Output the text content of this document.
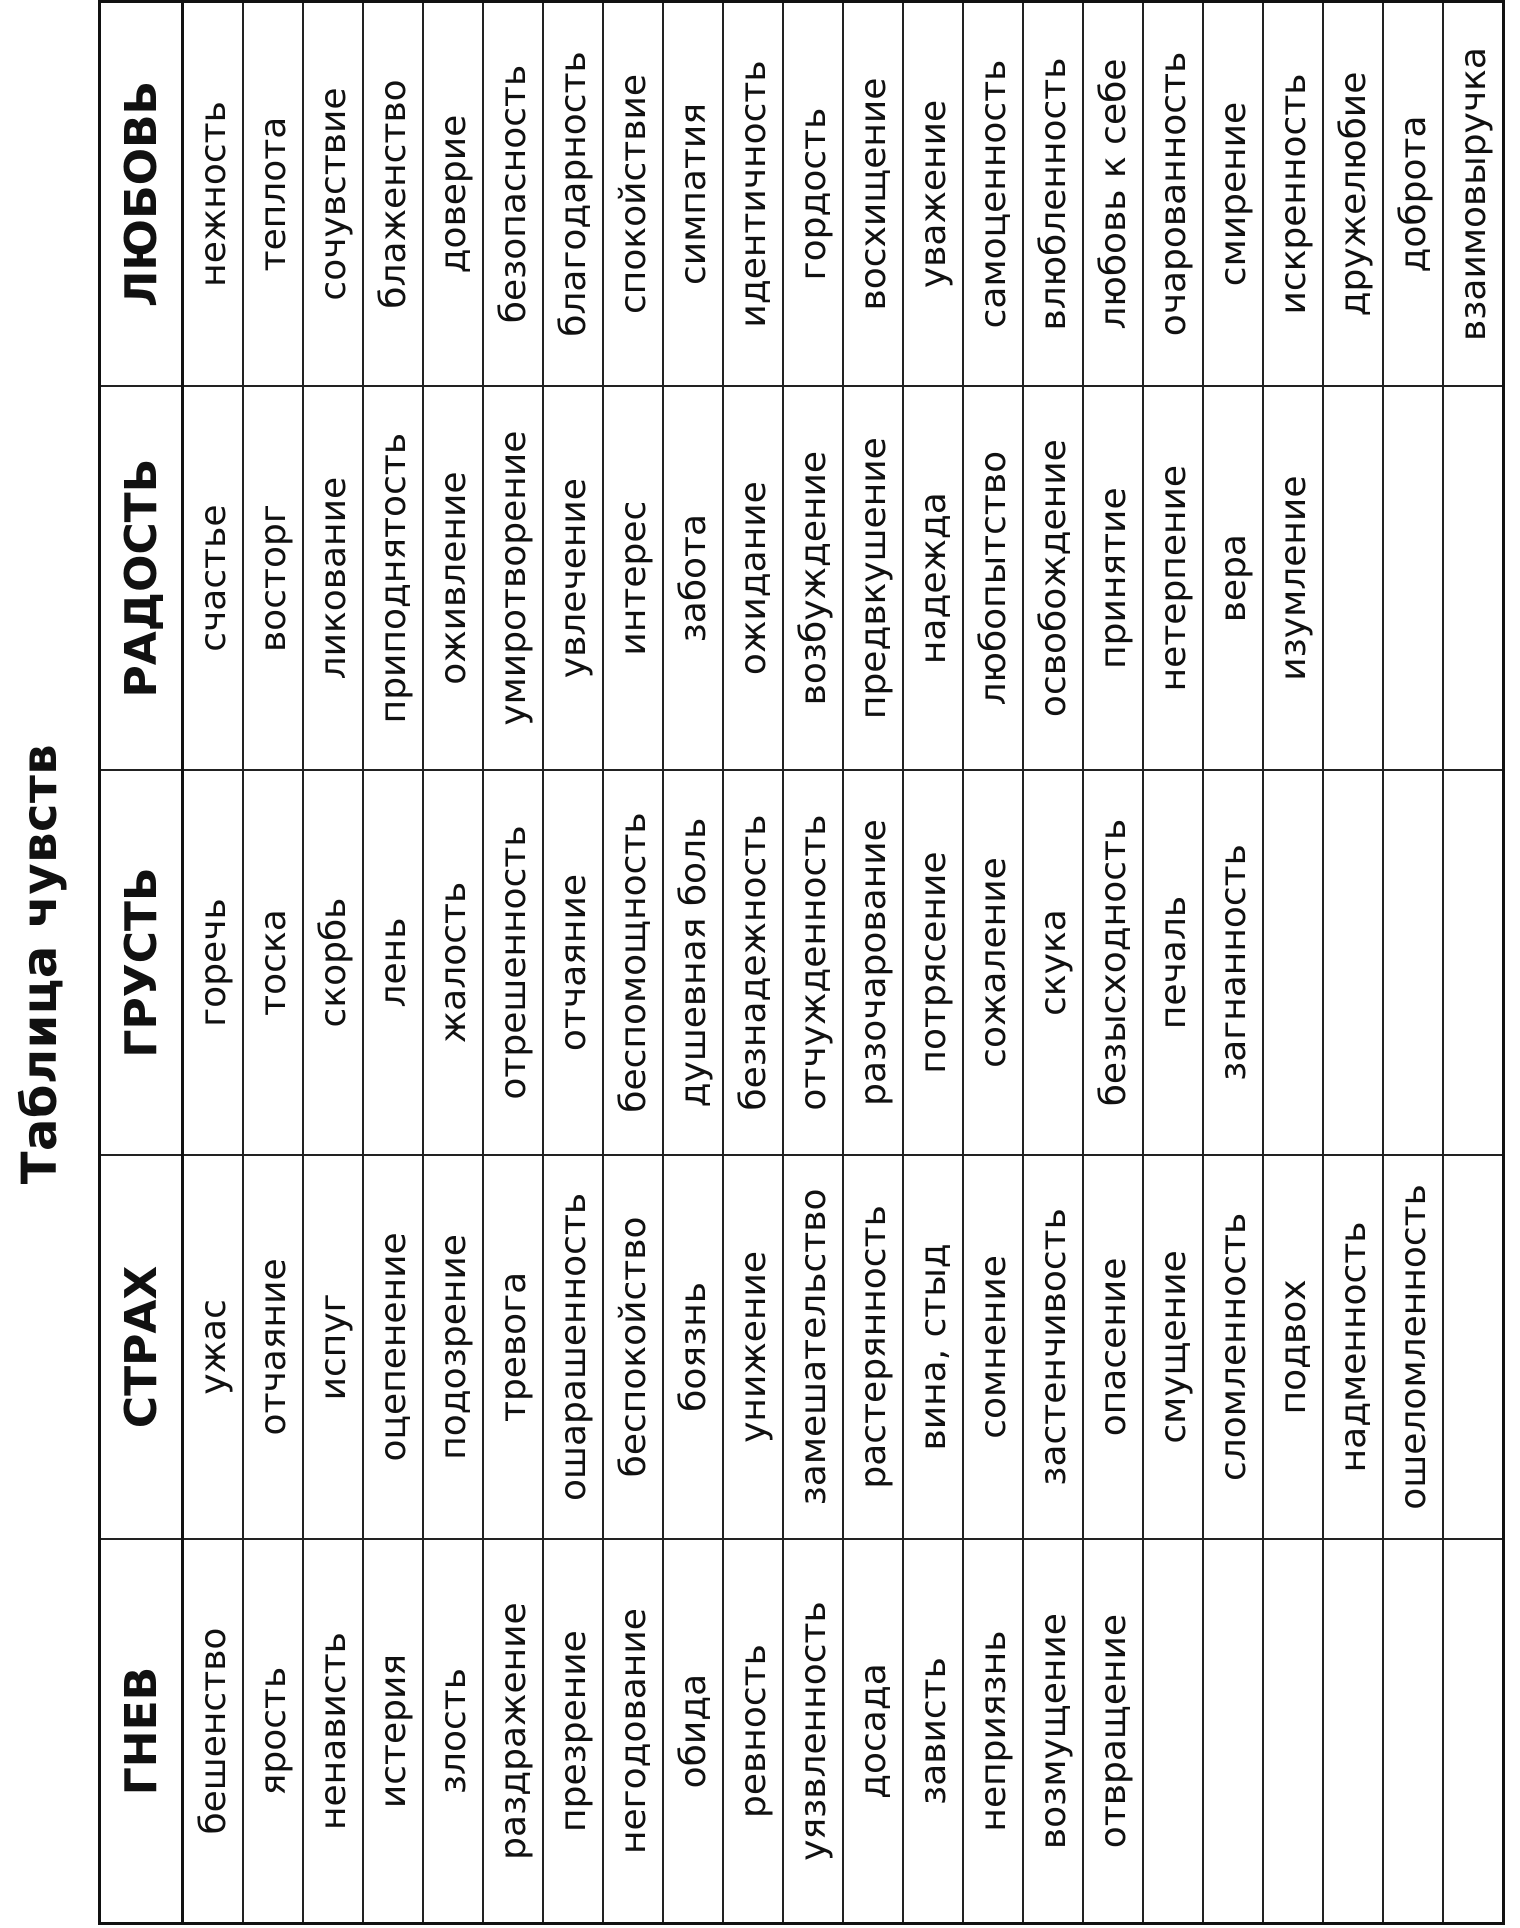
Таблица чувств
ГНЕВ	СТРАХ	ГРУСТЬ	РАДОСТЬ	ЛЮБОВЬ
бешенство	ужас	горечь	счастье	нежность
ярость	отчаяние	тоска	восторг	теплота
ненависть	испуг	скорбь	ликование	сочувствие
истерия	оцепенение	лень	приподнятость	блаженство
злость	подозрение	жалость	оживление	доверие
раздражение	тревога	отрешенность	умиротворение	безопасность
презрение	ошарашенность	отчаяние	увлечение	благодарность
негодование	беспокойство	беспомощность	интерес	спокойствие
обида	боязнь	душевная боль	забота	симпатия
ревность	унижение	безнадежность	ожидание	идентичность
уязвленность	замешательство	отчужденность	возбуждение	гордость
досада	растерянность	разочарование	предвкушение	восхищение
зависть	вина, стыд	потрясение	надежда	уважение
неприязнь	сомнение	сожаление	любопытство	самоценность
возмущение	застенчивость	скука	освобождение	влюбленность
отвращение	опасение	безысходность	принятие	любовь к себе
	смущение	печаль	нетерпение	очарованность
	сломленность	загнанность	вера	смирение
	подвох		изумление	искренность
	надменность			дружелюбие
	ошеломленность			доброта
				взаимовыручка
